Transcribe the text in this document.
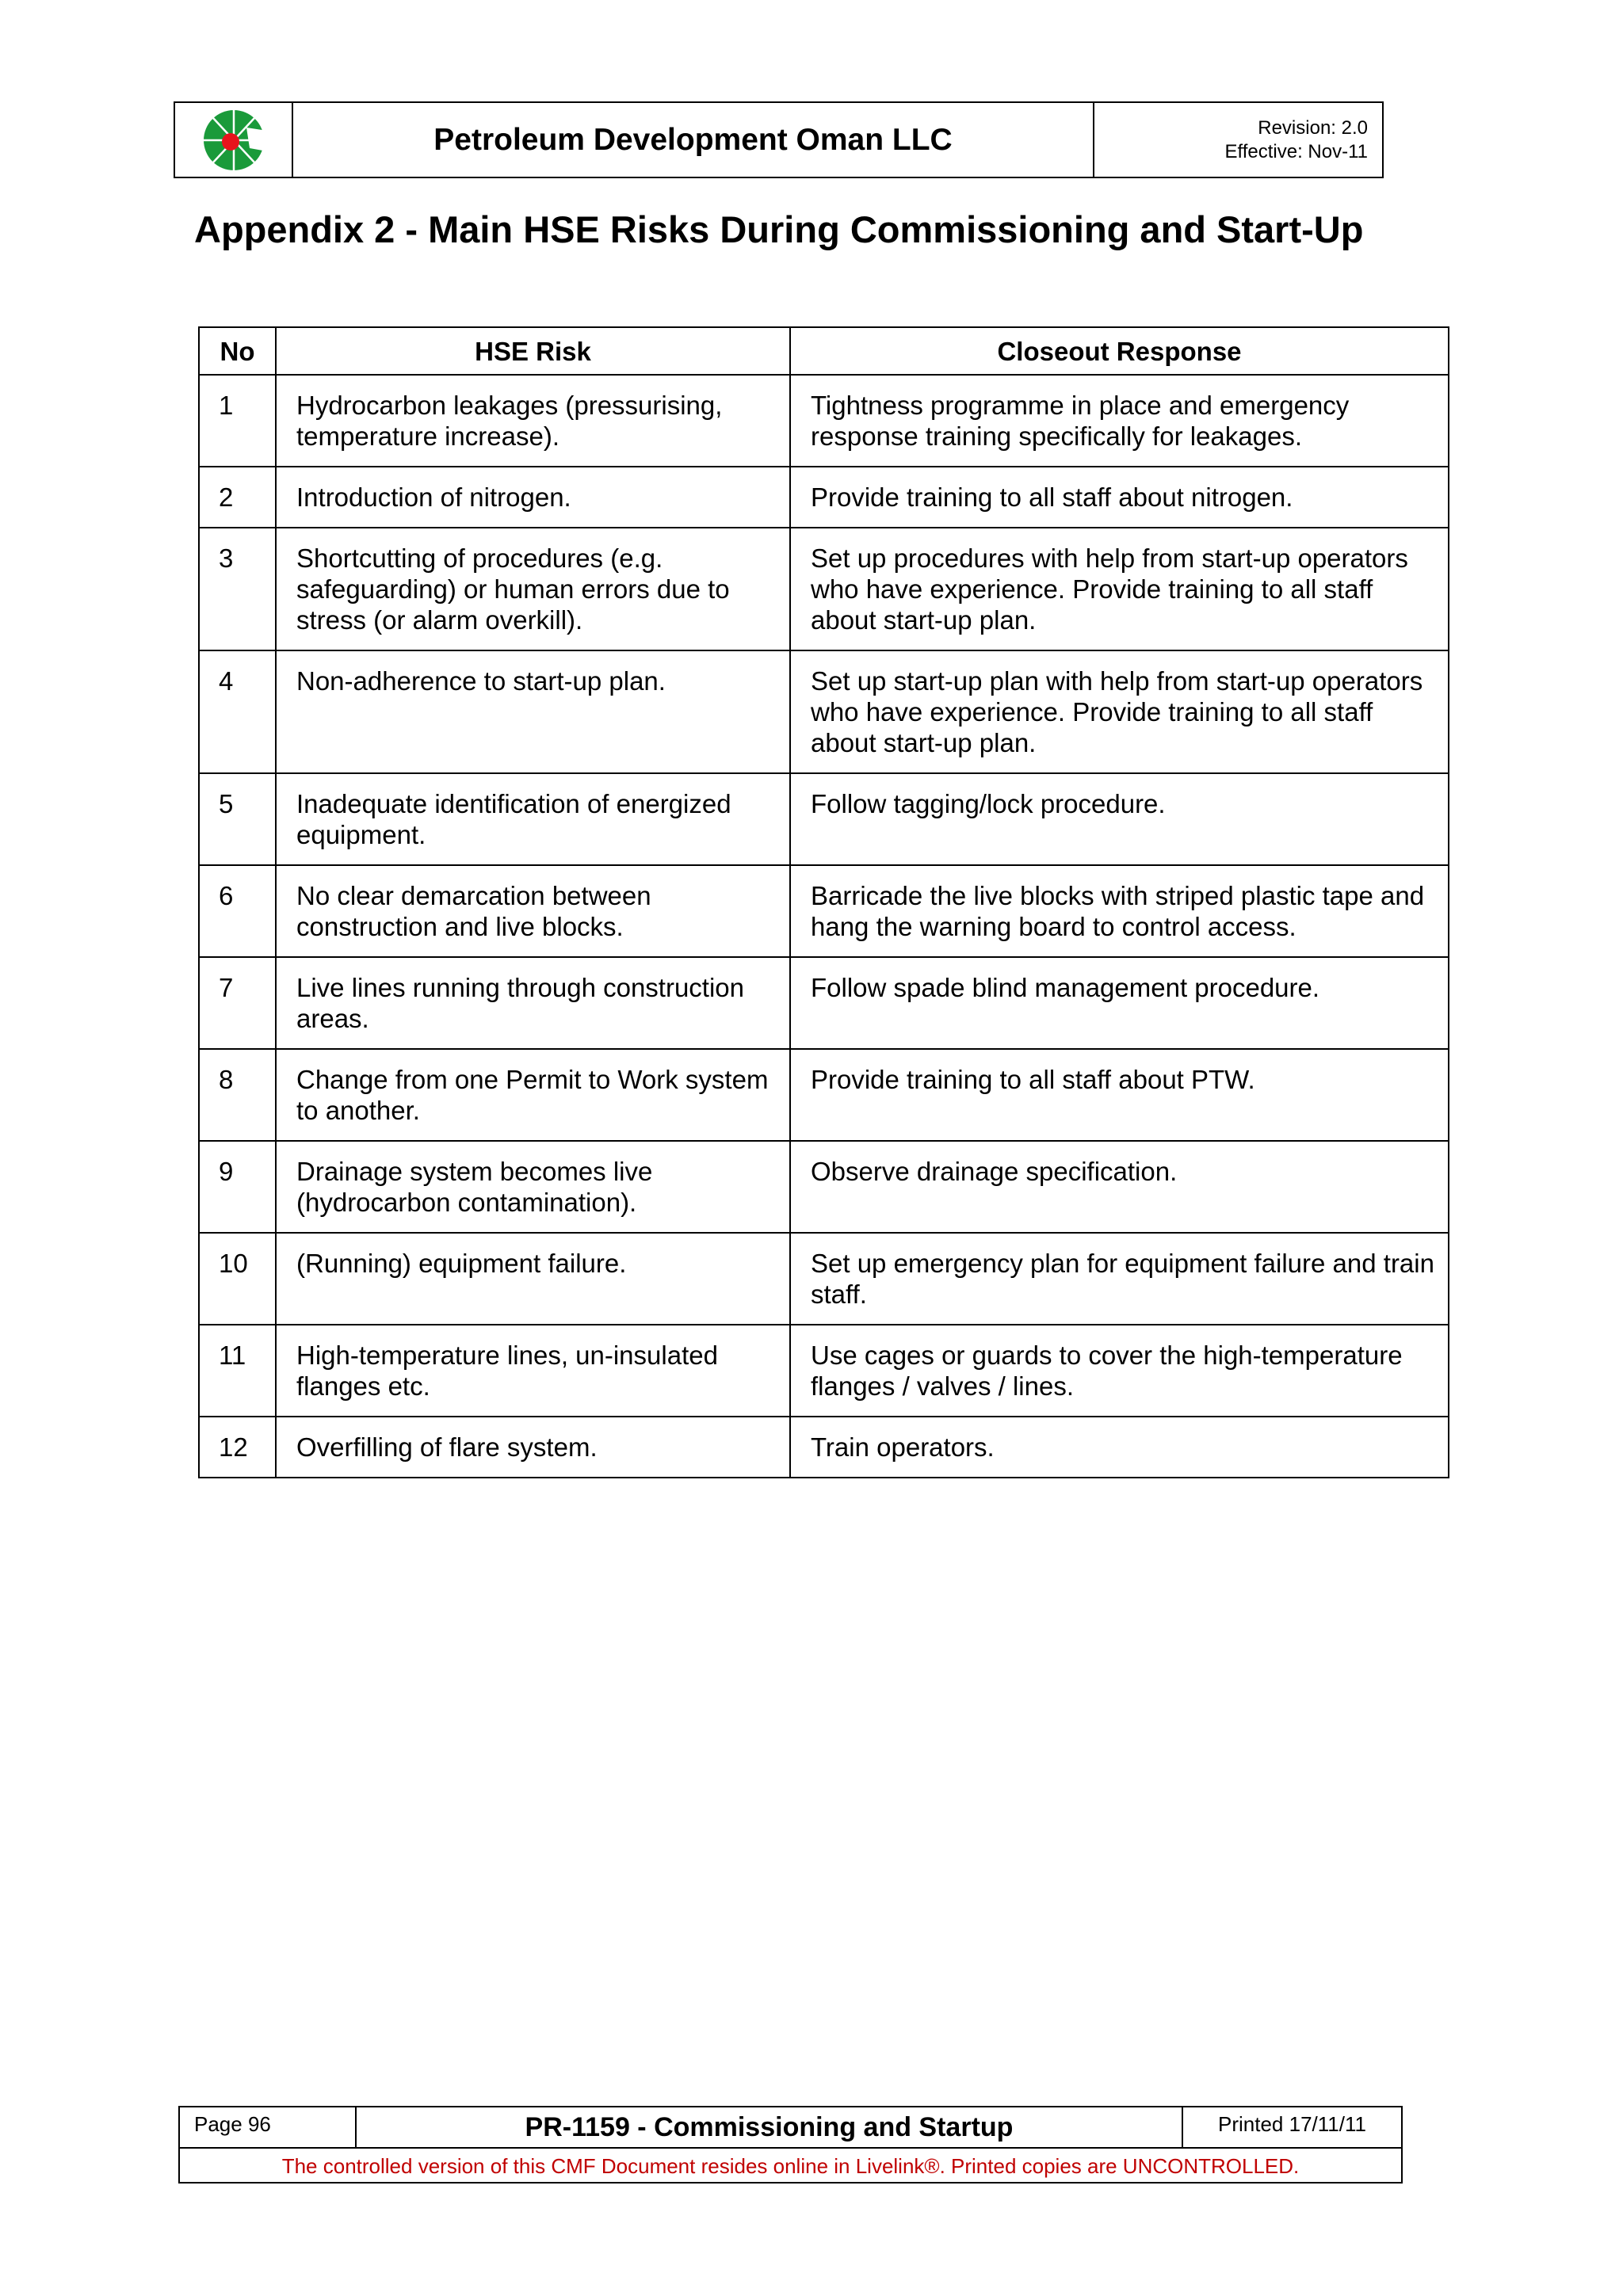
Petroleum Development Oman LLC	Revision: 2.0
Effective: Nov-11
Appendix 2 - Main HSE Risks During Commissioning and Start-Up
No	HSE Risk	Closeout Response
1	Hydrocarbon leakages (pressurising, temperature increase).	Tightness programme in place and emergency response training specifically for leakages.
2	Introduction of nitrogen.	Provide training to all staff about nitrogen.
3	Shortcutting of procedures (e.g. safeguarding) or human errors due to stress (or alarm overkill).	Set up procedures with help from start-up operators who have experience. Provide training to all staff about start-up plan.
4	Non-adherence to start-up plan.	Set up start-up plan with help from start-up operators who have experience. Provide training to all staff about start-up plan.
5	Inadequate identification of energized equipment.	Follow tagging/lock procedure.
6	No clear demarcation between construction and live blocks.	Barricade the live blocks with striped plastic tape and hang the warning board to control access.
7	Live lines running through construction areas.	Follow spade blind management procedure.
8	Change from one Permit to Work system to another.	Provide training to all staff about PTW.
9	Drainage system becomes live (hydrocarbon contamination).	Observe drainage specification.
10	(Running) equipment failure.	Set up emergency plan for equipment failure and train staff.
11	High-temperature lines, un-insulated flanges etc.	Use cages or guards to cover the high-temperature flanges / valves / lines.
12	Overfilling of flare system.	Train operators.
Page 96	PR-1159 - Commissioning and Startup	Printed 17/11/11
The controlled version of this CMF Document resides online in Livelink®. Printed copies are UNCONTROLLED.
